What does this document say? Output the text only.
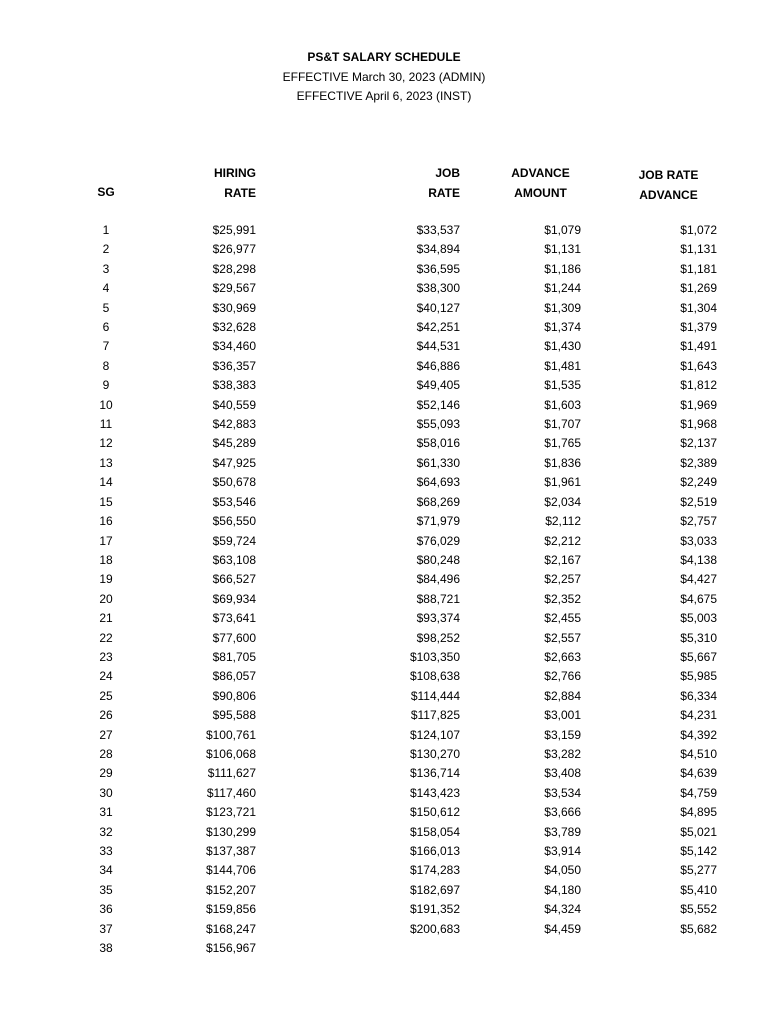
PS&T SALARY SCHEDULE
EFFECTIVE March 30, 2023 (ADMIN)
EFFECTIVE April 6, 2023 (INST)
SG
HIRING
RATE
JOB
RATE
ADVANCE
AMOUNT
JOB RATE
ADVANCE
1	$25,991	$33,537	$1,079	$1,072
2	$26,977	$34,894	$1,131	$1,131
3	$28,298	$36,595	$1,186	$1,181
4	$29,567	$38,300	$1,244	$1,269
5	$30,969	$40,127	$1,309	$1,304
6	$32,628	$42,251	$1,374	$1,379
7	$34,460	$44,531	$1,430	$1,491
8	$36,357	$46,886	$1,481	$1,643
9	$38,383	$49,405	$1,535	$1,812
10	$40,559	$52,146	$1,603	$1,969
11	$42,883	$55,093	$1,707	$1,968
12	$45,289	$58,016	$1,765	$2,137
13	$47,925	$61,330	$1,836	$2,389
14	$50,678	$64,693	$1,961	$2,249
15	$53,546	$68,269	$2,034	$2,519
16	$56,550	$71,979	$2,112	$2,757
17	$59,724	$76,029	$2,212	$3,033
18	$63,108	$80,248	$2,167	$4,138
19	$66,527	$84,496	$2,257	$4,427
20	$69,934	$88,721	$2,352	$4,675
21	$73,641	$93,374	$2,455	$5,003
22	$77,600	$98,252	$2,557	$5,310
23	$81,705	$103,350	$2,663	$5,667
24	$86,057	$108,638	$2,766	$5,985
25	$90,806	$114,444	$2,884	$6,334
26	$95,588	$117,825	$3,001	$4,231
27	$100,761	$124,107	$3,159	$4,392
28	$106,068	$130,270	$3,282	$4,510
29	$111,627	$136,714	$3,408	$4,639
30	$117,460	$143,423	$3,534	$4,759
31	$123,721	$150,612	$3,666	$4,895
32	$130,299	$158,054	$3,789	$5,021
33	$137,387	$166,013	$3,914	$5,142
34	$144,706	$174,283	$4,050	$5,277
35	$152,207	$182,697	$4,180	$5,410
36	$159,856	$191,352	$4,324	$5,552
37	$168,247	$200,683	$4,459	$5,682
38	$156,967
